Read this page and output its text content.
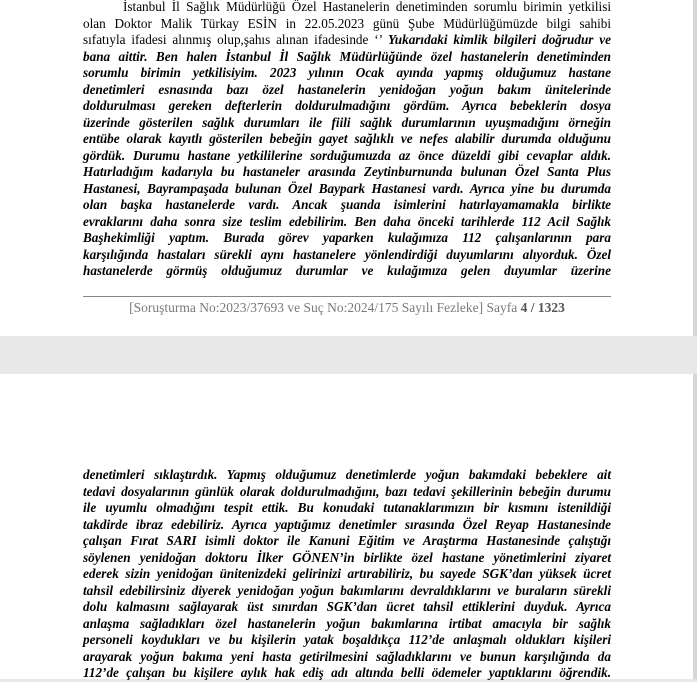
İstanbul İl Sağlık Müdürlüğü Özel Hastanelerin denetiminden sorumlu birimin yetkilisi
olan Doktor Malik Türkay ESİN in 22.05.2023 günü Şube Müdürlüğümüzde bilgi sahibi
sıfatıyla ifadesi alınmış olup,şahıs alınan ifadesinde ‘’ Yukarıdaki kimlik bilgileri doğrudur ve
bana aittir. Ben halen İstanbul İl Sağlık Müdürlüğünde özel hastanelerin denetiminden
sorumlu birimin yetkilisiyim. 2023 yılının Ocak ayında yapmış olduğumuz hastane
denetimleri esnasında bazı özel hastanelerin yenidoğan yoğun bakım ünitelerinde
doldurulması gereken defterlerin doldurulmadığını gördüm. Ayrıca bebeklerin dosya
üzerinde gösterilen sağlık durumları ile fiili sağlık durumlarının uyuşmadığını örneğin
entübe olarak kayıtlı gösterilen bebeğin gayet sağlıklı ve nefes alabilir durumda olduğunu
gördük. Durumu hastane yetkililerine sorduğumuzda az önce düzeldi gibi cevaplar aldık.
Hatırladığım kadarıyla bu hastaneler arasında Zeytinburnunda bulunan Özel Santa Plus
Hastanesi, Bayrampaşada bulunan Özel Baypark Hastanesi vardı. Ayrıca yine bu durumda
olan başka hastanelerde vardı. Ancak şuanda isimlerini hatırlayamamakla birlikte
evraklarını daha sonra size teslim edebilirim. Ben daha önceki tarihlerde 112 Acil Sağlık
Başhekimliği yaptım. Burada görev yaparken kulağımıza 112 çalışanlarının para
karşılığında hastaları sürekli aynı hastanelere yönlendirdiği duyumlarını alıyorduk. Özel
hastanelerde görmüş olduğumuz durumlar ve kulağımıza gelen duyumlar üzerine
[Soruşturma No:2023/37693 ve Suç No:2024/175 Sayılı Fezleke] Sayfa 4 / 1323
denetimleri sıklaştırdık. Yapmış olduğumuz denetimlerde yoğun bakımdaki bebeklere ait
tedavi dosyalarının günlük olarak doldurulmadığını, bazı tedavi şekillerinin bebeğin durumu
ile uyumlu olmadığını tespit ettik. Bu konudaki tutanaklarımızın bir kısmını istenildiği
takdirde ibraz edebiliriz. Ayrıca yaptığımız denetimler sırasında Özel Reyap Hastanesinde
çalışan Fırat SARI isimli doktor ile Kanuni Eğitim ve Araştırma Hastanesinde çalıştığı
söylenen yenidoğan doktoru İlker GÖNEN’in birlikte özel hastane yönetimlerini ziyaret
ederek sizin yenidoğan ünitenizdeki gelirinizi artırabiliriz, bu sayede SGK’dan yüksek ücret
tahsil edebilirsiniz diyerek yenidoğan yoğun bakımlarını devraldıklarını ve buraların sürekli
dolu kalmasını sağlayarak üst sınırdan SGK’dan ücret tahsil ettiklerini duyduk. Ayrıca
anlaşma sağladıkları özel hastanelerin yoğun bakımlarına irtibat amacıyla bir sağlık
personeli koydukları ve bu kişilerin yatak boşaldıkça 112’de anlaşmalı oldukları kişileri
arayarak yoğun bakıma yeni hasta getirilmesini sağladıklarını ve bunun karşılığında da
112’de çalışan bu kişilere aylık hak ediş adı altında belli ödemeler yaptıklarını öğrendik.
